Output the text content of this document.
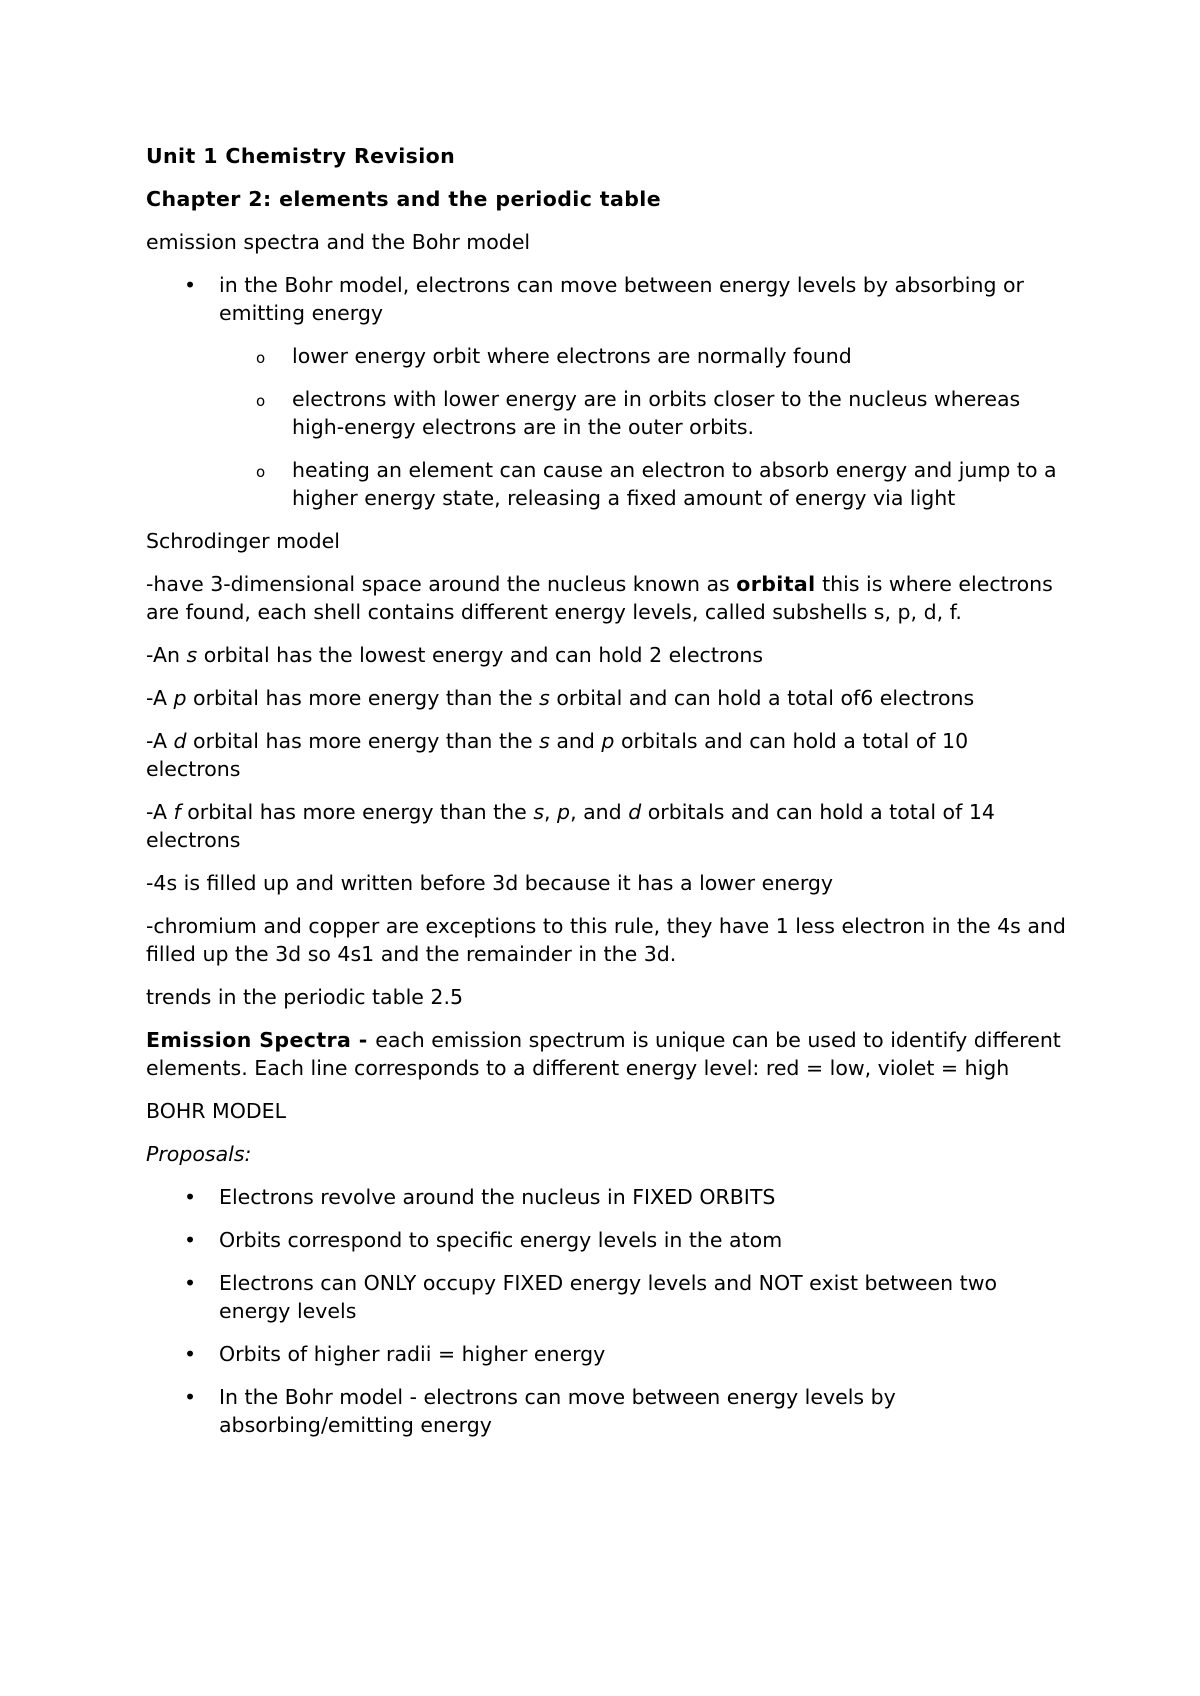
Unit 1 Chemistry Revision

Chapter 2: elements and the periodic table

emission spectra and the Bohr model

• in the Bohr model, electrons can move between energy levels by absorbing or emitting energy
o lower energy orbit where electrons are normally found
o electrons with lower energy are in orbits closer to the nucleus whereas high-energy electrons are in the outer orbits.
o heating an element can cause an electron to absorb energy and jump to a higher energy state, releasing a fixed amount of energy via light

Schrodinger model

-have 3-dimensional space around the nucleus known as orbital this is where electrons are found, each shell contains different energy levels, called subshells s, p, d, f.

-An s orbital has the lowest energy and can hold 2 electrons

-A p orbital has more energy than the s orbital and can hold a total of6 electrons

-A d orbital has more energy than the s and p orbitals and can hold a total of 10 electrons

-A f orbital has more energy than the s, p, and d orbitals and can hold a total of 14 electrons

-4s is filled up and written before 3d because it has a lower energy

-chromium and copper are exceptions to this rule, they have 1 less electron in the 4s and filled up the 3d so 4s1 and the remainder in the 3d.

trends in the periodic table 2.5

Emission Spectra - each emission spectrum is unique can be used to identify different elements. Each line corresponds to a different energy level: red = low, violet = high

BOHR MODEL

Proposals:

• Electrons revolve around the nucleus in FIXED ORBITS
• Orbits correspond to specific energy levels in the atom
• Electrons can ONLY occupy FIXED energy levels and NOT exist between two energy levels
• Orbits of higher radii = higher energy
• In the Bohr model - electrons can move between energy levels by absorbing/emitting energy
